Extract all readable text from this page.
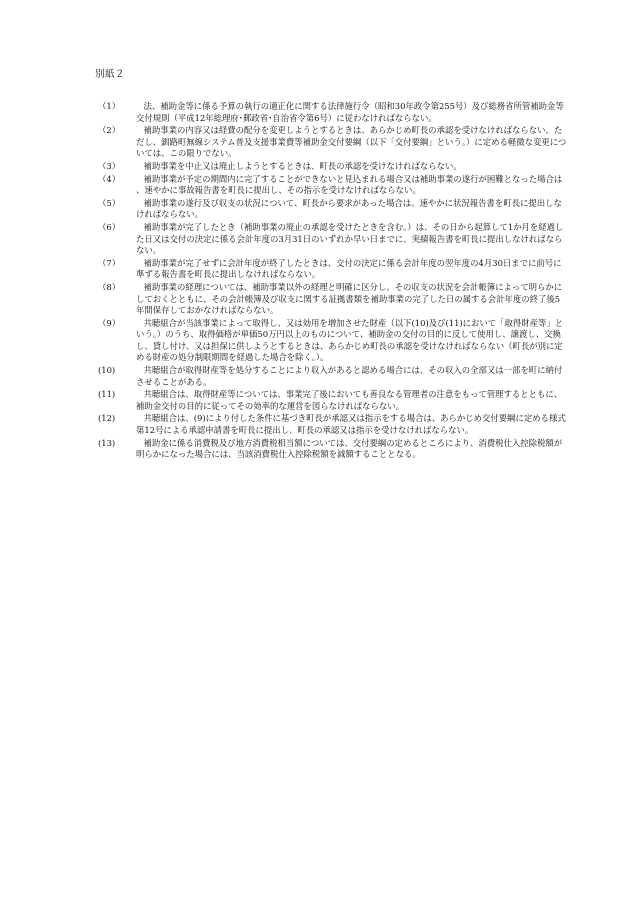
別紙２
（1）	法、補助金等に係る予算の執行の適正化に関する法律施行令（昭和30年政令第255号）及び総務省所管補助金等交付規則（平成12年総理府･郵政省･自治省令第6号）に従わなければならない。
（2）	補助事業の内容又は経費の配分を変更しようとするときは、あらかじめ町長の承認を受けなければならない。ただし、釧路町無線システム普及支援事業費等補助金交付要綱（以下「交付要綱」という。）に定める軽微な変更については、この限りでない。
（3）	補助事業を中止又は廃止しようとするときは、町長の承認を受けなければならない。
（4）	補助事業が予定の期間内に完了することができないと見込まれる場合又は補助事業の遂行が困難となった場合は、速やかに事故報告書を町長に提出し、その指示を受けなければならない。
（5）	補助事業の遂行及び収支の状況について、町長から要求があった場合は、速やかに状況報告書を町長に提出しなければならない。
（6）	補助事業が完了したとき（補助事業の廃止の承認を受けたときを含む。）は、その日から起算して1か月を経過した日又は交付の決定に係る会計年度の3月31日のいずれか早い日までに、実績報告書を町長に提出しなければならない。
（7）	補助事業が完了せずに会計年度が終了したときは、交付の決定に係る会計年度の翌年度の4月30日までに前号に準ずる報告書を町長に提出しなければならない。
（8）	補助事業の経理については、補助事業以外の経理と明確に区分し、その収支の状況を会計帳簿によって明らかにしておくとともに、その会計帳簿及び収支に関する証拠書類を補助事業の完了した日の属する会計年度の終了後5年間保存しておかなければならない。
（9）	共聴組合が当該事業によって取得し、又は効用を増加させた財産（以下(10)及び(11)において「取得財産等」という。）のうち、取得価格が単価50万円以上のものについて、補助金の交付の目的に反して使用し、譲渡し、交換し、貸し付け、又は担保に供しようとするときは、あらかじめ町長の承認を受けなければならない（町長が別に定める財産の処分制限期間を経過した場合を除く。）。
(10)	共聴組合が取得財産等を処分することにより収入があると認める場合には、その収入の全部又は一部を町に納付させることがある。
(11)	共聴組合は、取得財産等については、事業完了後においても善良なる管理者の注意をもって管理するとともに、補助金交付の目的に従ってその効率的な運営を図らなければならない。
(12)	共聴組合は、(9)により付した条件に基づき町長が承認又は指示をする場合は、あらかじめ交付要綱に定める様式第12号による承認申請書を町長に提出し、町長の承認又は指示を受けなければならない。
(13)	補助金に係る消費税及び地方消費税相当額については、交付要綱の定めるところにより、消費税仕入控除税額が明らかになった場合には、当該消費税仕入控除税額を減額することとなる。
